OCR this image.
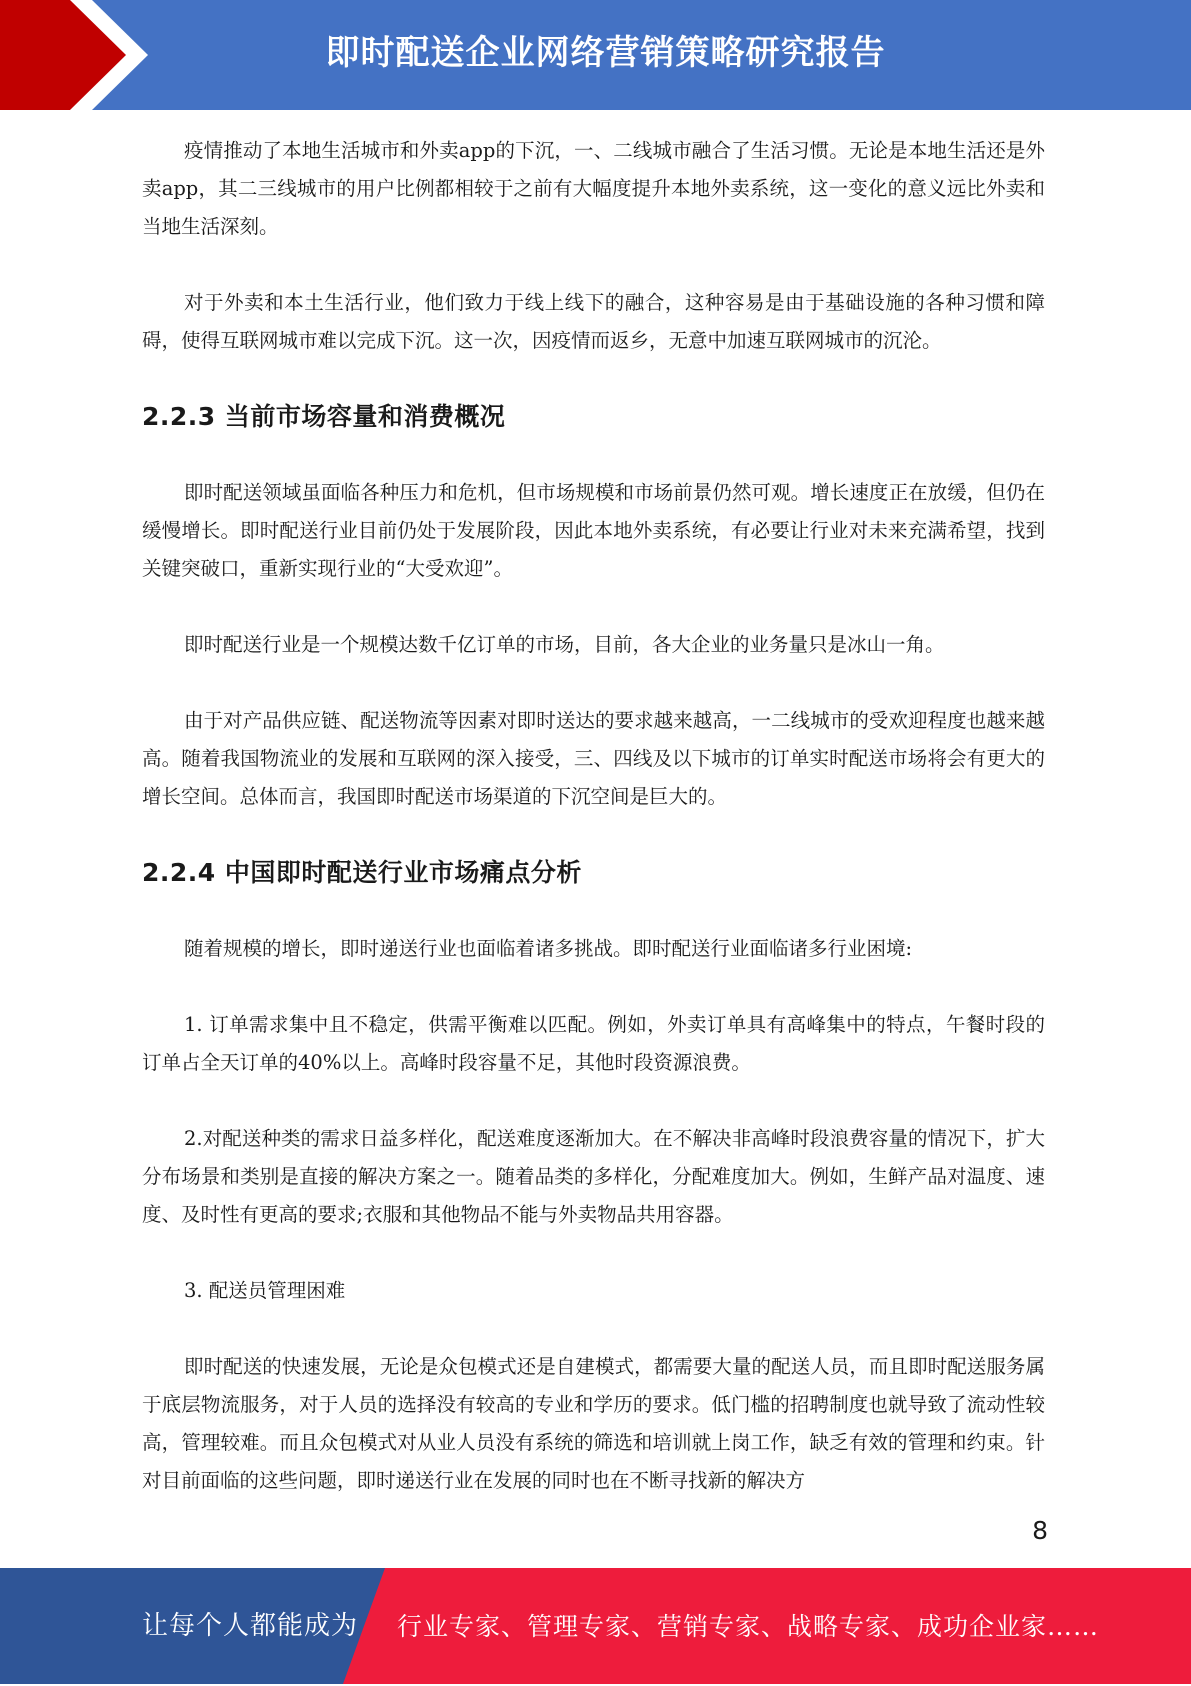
即时配送企业网络营销策略研究报告

疫情推动了本地生活城市和外卖app的下沉，一、二线城市融合了生活习惯。无论是本地生活还是外卖app，其二三线城市的用户比例都相较于之前有大幅度提升本地外卖系统，这一变化的意义远比外卖和当地生活深刻。

对于外卖和本土生活行业，他们致力于线上线下的融合，这种容易是由于基础设施的各种习惯和障碍，使得互联网城市难以完成下沉。这一次，因疫情而返乡，无意中加速互联网城市的沉沦。

2.2.3 当前市场容量和消费概况

即时配送领域虽面临各种压力和危机，但市场规模和市场前景仍然可观。增长速度正在放缓，但仍在缓慢增长。即时配送行业目前仍处于发展阶段，因此本地外卖系统，有必要让行业对未来充满希望，找到关键突破口，重新实现行业的“大受欢迎”。

即时配送行业是一个规模达数千亿订单的市场，目前，各大企业的业务量只是冰山一角。

由于对产品供应链、配送物流等因素对即时送达的要求越来越高，一二线城市的受欢迎程度也越来越高。随着我国物流业的发展和互联网的深入接受，三、四线及以下城市的订单实时配送市场将会有更大的增长空间。总体而言，我国即时配送市场渠道的下沉空间是巨大的。

2.2.4 中国即时配送行业市场痛点分析

随着规模的增长，即时递送行业也面临着诸多挑战。即时配送行业面临诸多行业困境:

1. 订单需求集中且不稳定，供需平衡难以匹配。例如，外卖订单具有高峰集中的特点，午餐时段的订单占全天订单的40%以上。高峰时段容量不足，其他时段资源浪费。

2.对配送种类的需求日益多样化，配送难度逐渐加大。在不解决非高峰时段浪费容量的情况下，扩大分布场景和类别是直接的解决方案之一。随着品类的多样化，分配难度加大。例如，生鲜产品对温度、速度、及时性有更高的要求;衣服和其他物品不能与外卖物品共用容器。

3. 配送员管理困难

即时配送的快速发展，无论是众包模式还是自建模式，都需要大量的配送人员，而且即时配送服务属于底层物流服务，对于人员的选择没有较高的专业和学历的要求。低门槛的招聘制度也就导致了流动性较高，管理较难。而且众包模式对从业人员没有系统的筛选和培训就上岗工作，缺乏有效的管理和约束。针对目前面临的这些问题，即时递送行业在发展的同时也在不断寻找新的解决方

8
让每个人都能成为 行业专家、管理专家、营销专家、战略专家、成功企业家……
